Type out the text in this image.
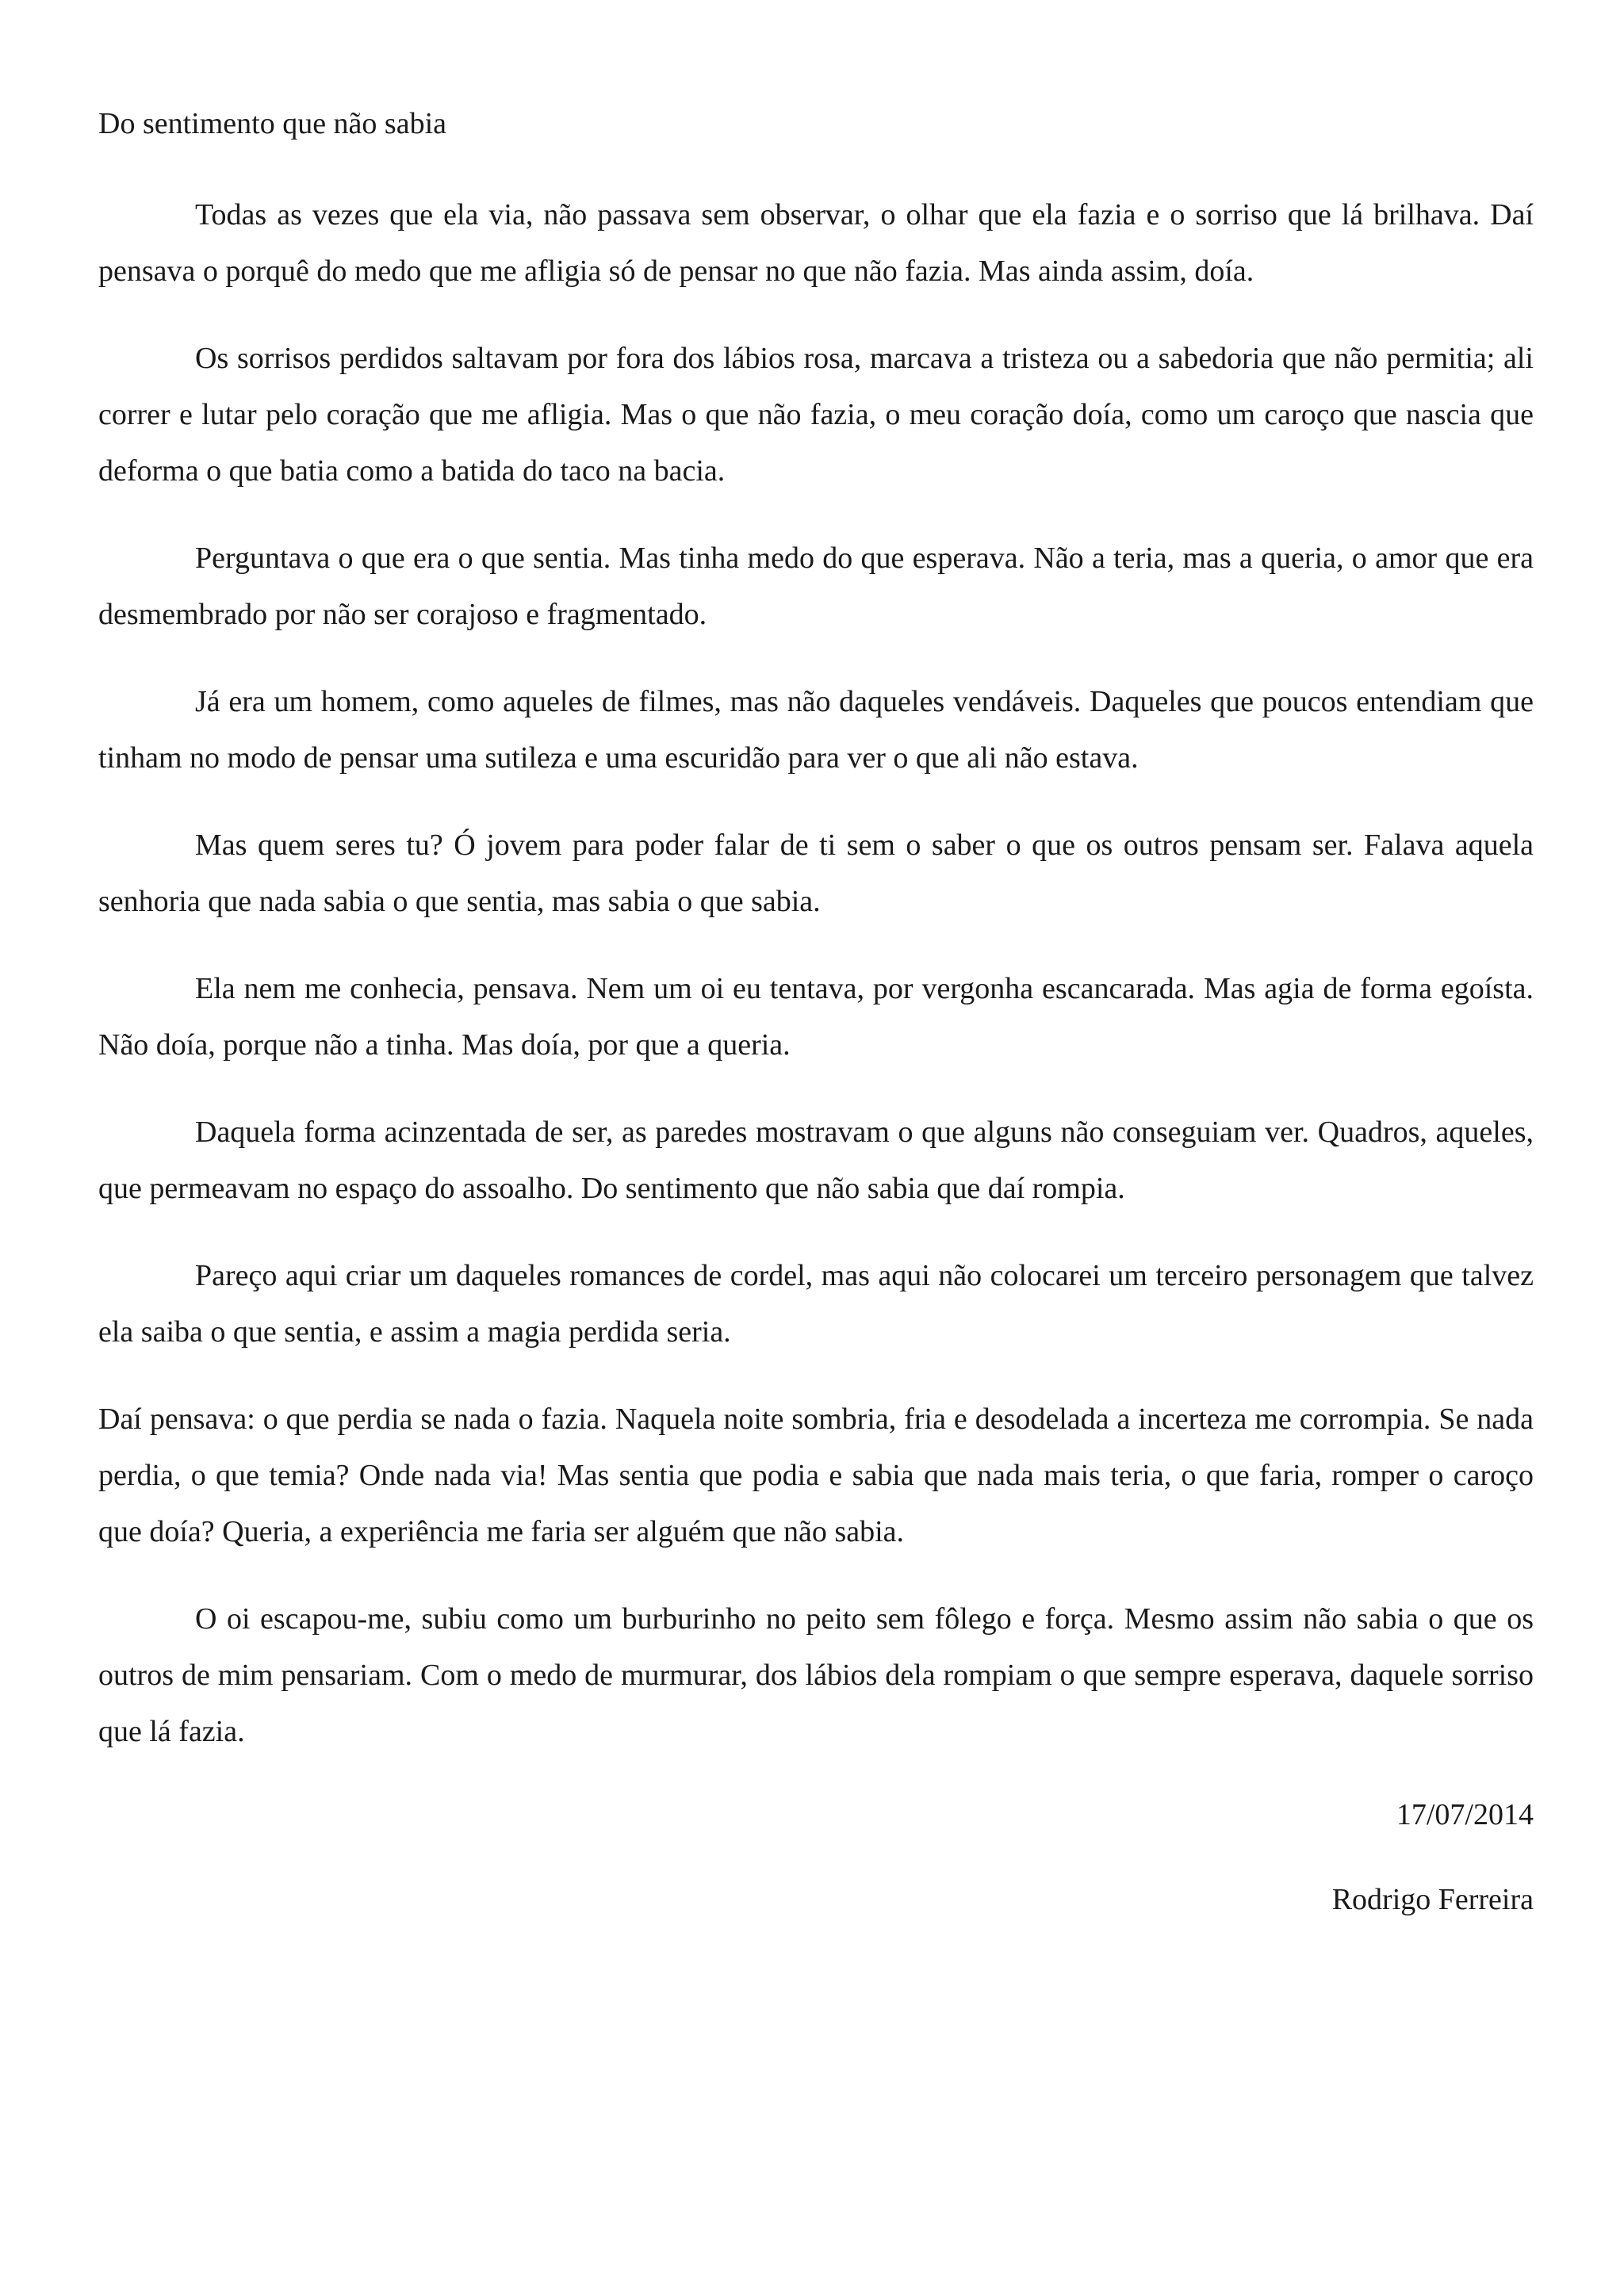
Do sentimento que não sabia

Todas as vezes que ela via, não passava sem observar, o olhar que ela fazia e o sorriso que lá brilhava. Daí pensava o porquê do medo que me afligia só de pensar no que não fazia. Mas ainda assim, doía.

Os sorrisos perdidos saltavam por fora dos lábios rosa, marcava a tristeza ou a sabedoria que não permitia; ali correr e lutar pelo coração que me afligia. Mas o que não fazia, o meu coração doía, como um caroço que nascia que deforma o que batia como a batida do taco na bacia.

Perguntava o que era o que sentia. Mas tinha medo do que esperava. Não a teria, mas a queria, o amor que era desmembrado por não ser corajoso e fragmentado.

Já era um homem, como aqueles de filmes, mas não daqueles vendáveis. Daqueles que poucos entendiam que tinham no modo de pensar uma sutileza e uma escuridão para ver o que ali não estava.

Mas quem seres tu? Ó jovem para poder falar de ti sem o saber o que os outros pensam ser. Falava aquela senhoria que nada sabia o que sentia, mas sabia o que sabia.

Ela nem me conhecia, pensava. Nem um oi eu tentava, por vergonha escancarada. Mas agia de forma egoísta. Não doía, porque não a tinha. Mas doía, por que a queria.

Daquela forma acinzentada de ser, as paredes mostravam o que alguns não conseguiam ver. Quadros, aqueles, que permeavam no espaço do assoalho. Do sentimento que não sabia que daí rompia.

Pareço aqui criar um daqueles romances de cordel, mas aqui não colocarei um terceiro personagem que talvez ela saiba o que sentia, e assim a magia perdida seria.

Daí pensava: o que perdia se nada o fazia. Naquela noite sombria, fria e desodelada a incerteza me corrompia. Se nada perdia, o que temia? Onde nada via! Mas sentia que podia e sabia que nada mais teria, o que faria, romper o caroço que doía? Queria, a experiência me faria ser alguém que não sabia.

O oi escapou-me, subiu como um burburinho no peito sem fôlego e força. Mesmo assim não sabia o que os outros de mim pensariam. Com o medo de murmurar, dos lábios dela rompiam o que sempre esperava, daquele sorriso que lá fazia.

17/07/2014
Rodrigo Ferreira
